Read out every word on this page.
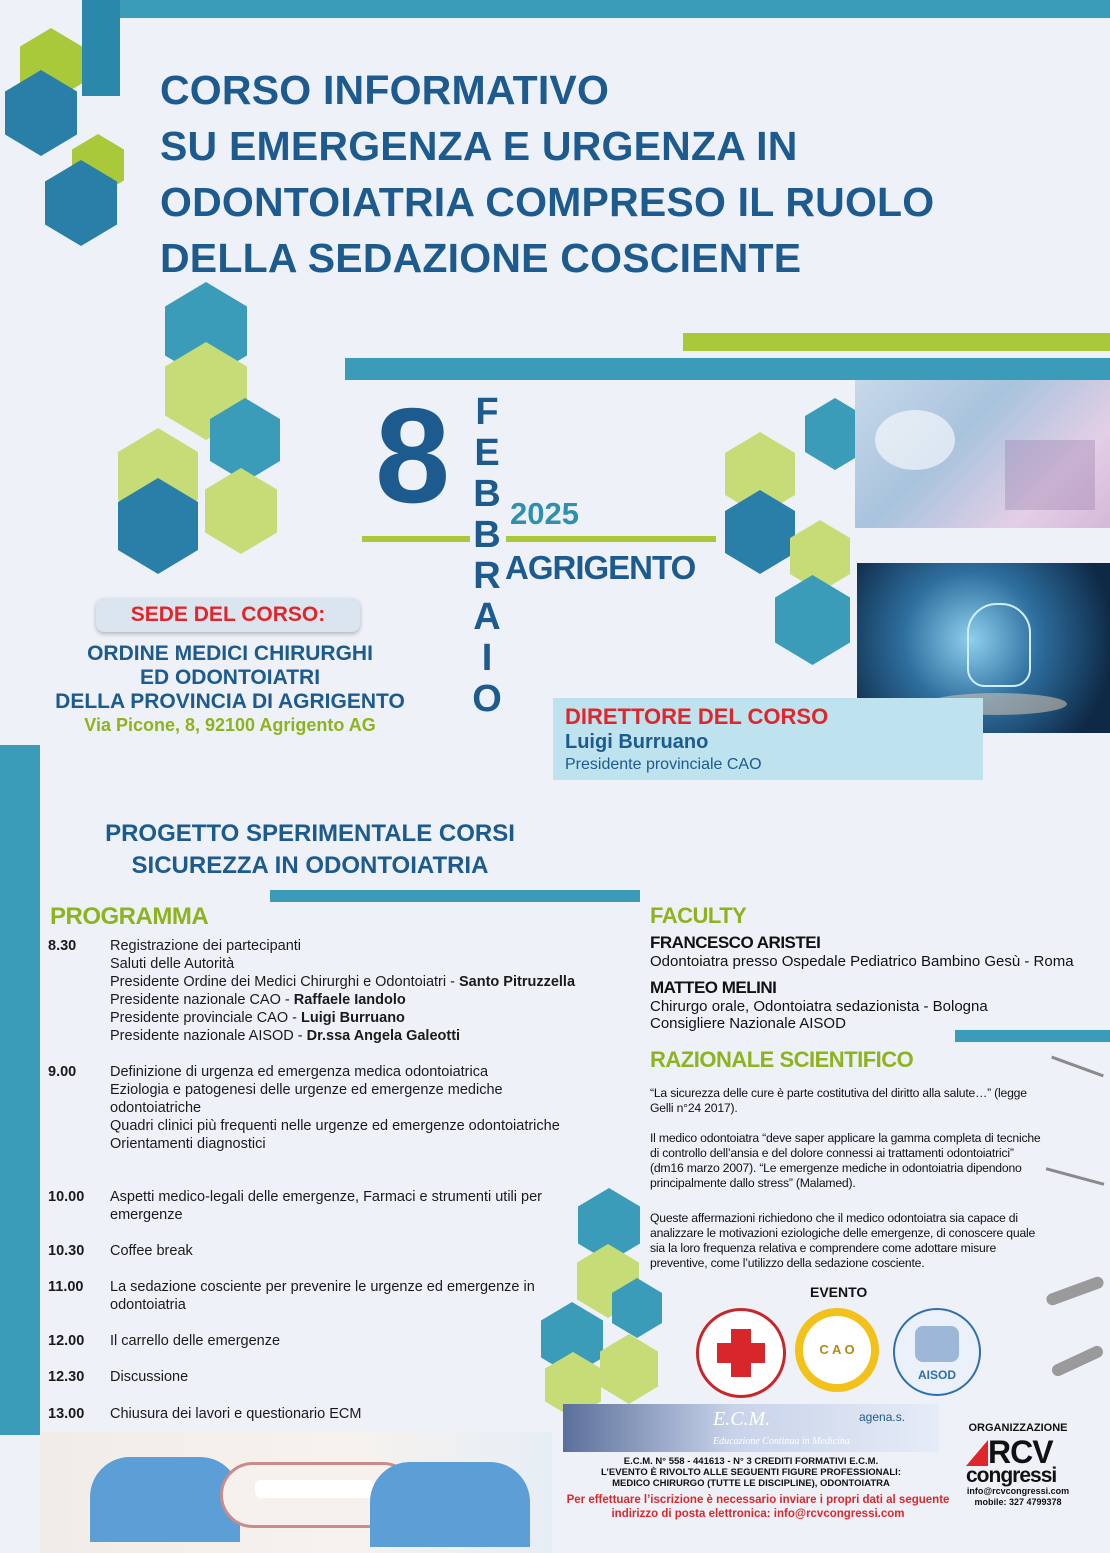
CORSO INFORMATIVO
SU EMERGENZA E URGENZA IN
ODONTOIATRIA COMPRESO IL RUOLO
DELLA SEDAZIONE COSCIENTE
8 F
E
B
B
R
A
I
O
2025
AGRIGENTO
SEDE DEL CORSO:
ORDINE MEDICI CHIRURGHI
ED ODONTOIATRI
DELLA PROVINCIA DI AGRIGENTO
Via Picone, 8, 92100 Agrigento AG	DIRETTORE DEL CORSO
Luigi Burruano
Presidente provinciale CAO
PROGETTO SPERIMENTALE CORSI
SICUREZZA IN ODONTOIATRIA
PROGRAMMA
8.30 Registrazione dei partecipanti
Saluti delle Autorità
Presidente Ordine dei Medici Chirurghi e Odontoiatri - Santo Pitruzzella
Presidente nazionale CAO - Raffaele Iandolo
Presidente provinciale CAO - Luigi Burruano
Presidente nazionale AISOD - Dr.ssa Angela Galeotti
9.00 Definizione di urgenza ed emergenza medica odontoiatrica
Eziologia e patogenesi delle urgenze ed emergenze mediche odontoiatriche
Quadri clinici più frequenti nelle urgenze ed emergenze odontoiatriche
Orientamenti diagnostici
10.00 Aspetti medico-legali delle emergenze, Farmaci e strumenti utili per emergenze
10.30 Coffee break
11.00 La sedazione cosciente per prevenire le urgenze ed emergenze in odontoiatria
12.00 Il carrello delle emergenze
12.30 Discussione
13.00 Chiusura dei lavori e questionario ECM
FACULTY
FRANCESCO ARISTEI
Odontoiatra presso Ospedale Pediatrico Bambino Gesù - Roma
MATTEO MELINI
Chirurgo orale, Odontoiatra sedazionista - Bologna
Consigliere Nazionale AISOD
RAZIONALE SCIENTIFICO
“La sicurezza delle cure è parte costitutiva del diritto alla salute…” (legge Gelli n°24 2017).
Il medico odontoiatra “deve saper applicare la gamma completa di tecniche di controllo dell’ansia e del dolore connessi ai trattamenti odontoiatrici” (dm16 marzo 2007). “Le emergenze mediche in odontoiatria dipendono principalmente dallo stress” (Malamed).
Queste affermazioni richiedono che il medico odontoiatra sia capace di analizzare le motivazioni eziologiche delle emergenze, di conoscere quale sia la loro frequenza relativa e comprendere come adottare misure preventive, come l’utilizzo della sedazione cosciente.
EVENTO
C A O
AISOD
E.C.M.
Educazione Continua in Medicina
agena.s.
E.C.M. N° 558 - 441613 - N° 3 CREDITI FORMATIVI E.C.M.
L’EVENTO È RIVOLTO ALLE SEGUENTI FIGURE PROFESSIONALI:
MEDICO CHIRURGO (TUTTE LE DISCIPLINE), ODONTOIATRA
Per effettuare l’iscrizione è necessario inviare i propri dati al seguente
indirizzo di posta elettronica: info@rcvcongressi.com
ORGANIZZAZIONE
RCV
congressi
info@rcvcongressi.com
mobile: 327 4799378
